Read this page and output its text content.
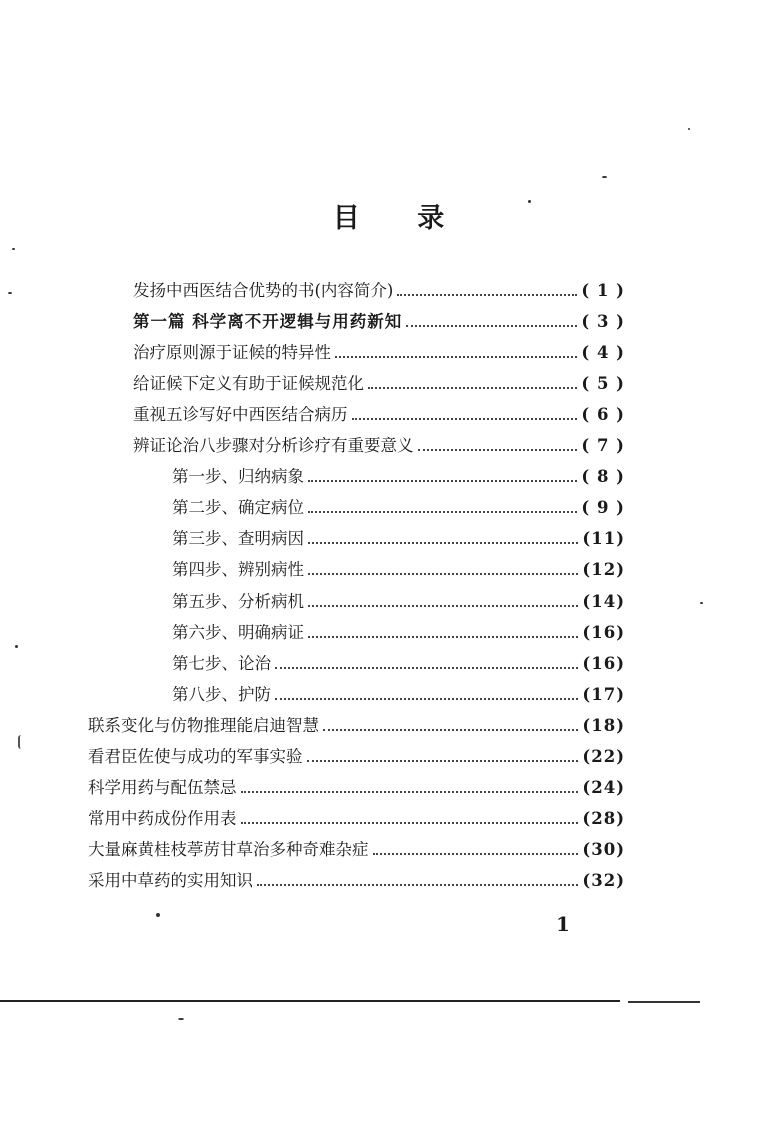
目 录
发扬中西医结合优势的书(内容简介)	( 1 )
第一篇 科学离不开逻辑与用药新知	( 3 )
治疗原则源于证候的特异性	( 4 )
给证候下定义有助于证候规范化	( 5 )
重视五诊写好中西医结合病历	( 6 )
辨证论治八步骤对分析诊疗有重要意义	( 7 )
第一步、归纳病象	( 8 )
第二步、确定病位	( 9 )
第三步、查明病因	(11)
第四步、辨别病性	(12)
第五步、分析病机	(14)
第六步、明确病证	(16)
第七步、论治	(16)
第八步、护防	(17)
联系变化与仿物推理能启迪智慧	(18)
看君臣佐使与成功的军事实验	(22)
科学用药与配伍禁忌	(24)
常用中药成份作用表	(28)
大量麻黄桂枝葶苈甘草治多种奇难杂症	(30)
采用中草药的实用知识	(32)
1
